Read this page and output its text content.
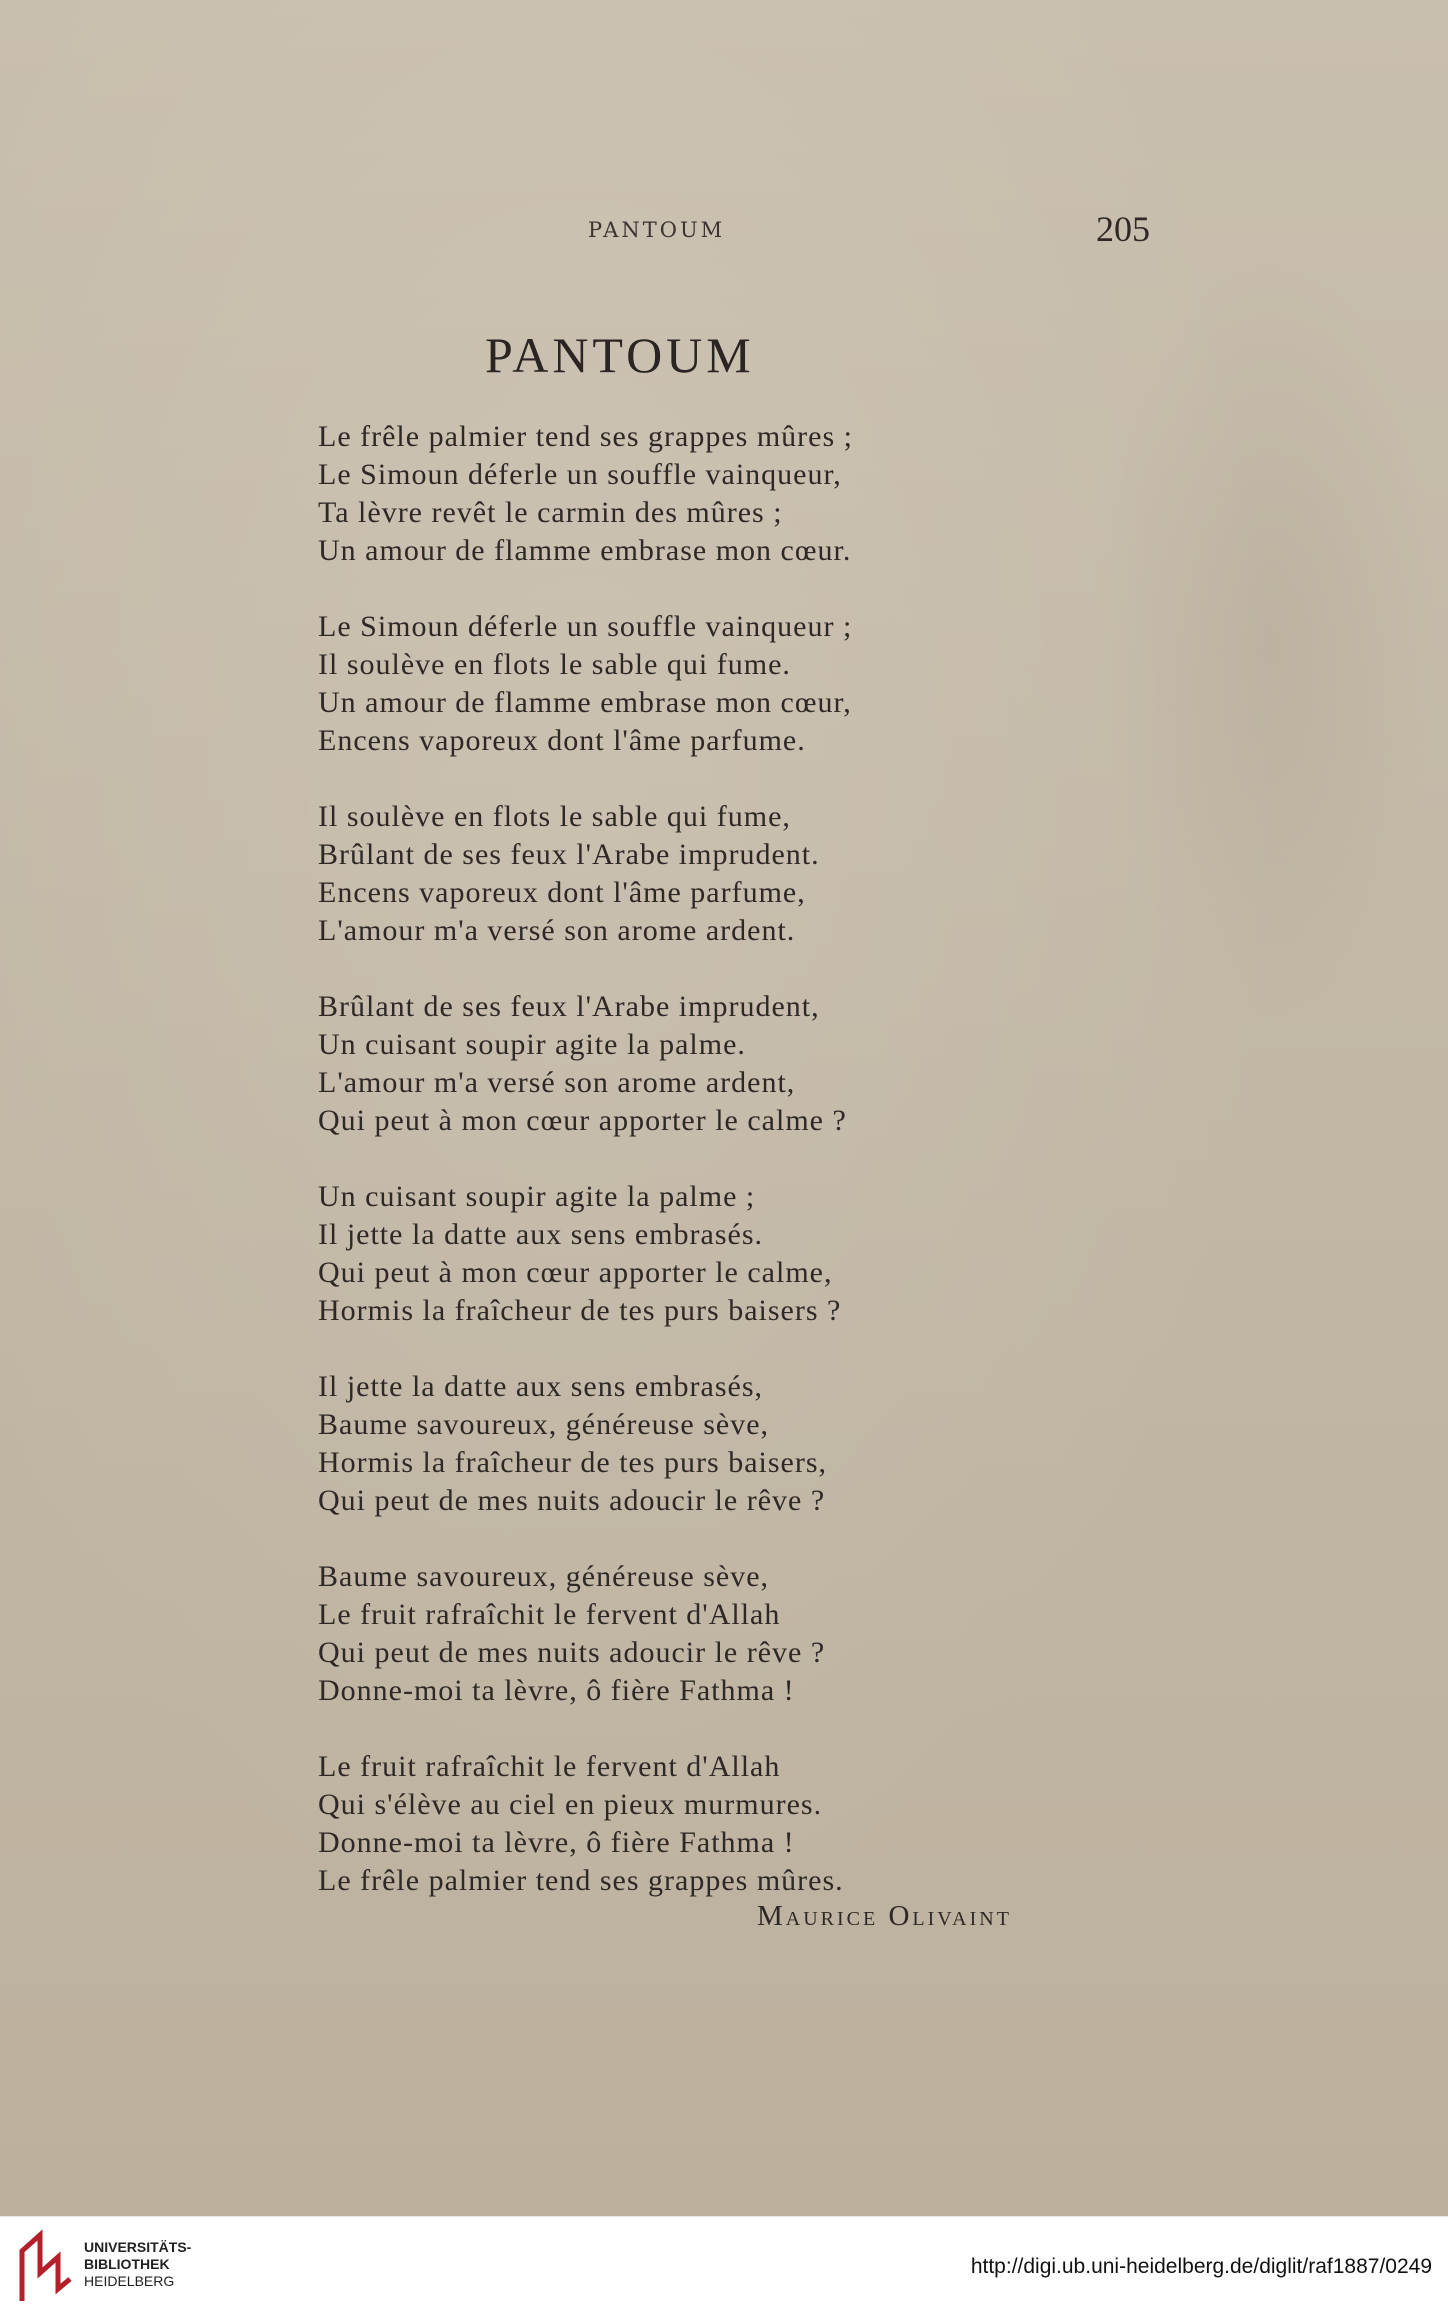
PANTOUM	205
PANTOUM
Le frêle palmier tend ses grappes mûres ;
Le Simoun déferle un souffle vainqueur,
Ta lèvre revêt le carmin des mûres ;
Un amour de flamme embrase mon cœur.
Le Simoun déferle un souffle vainqueur ;
Il soulève en flots le sable qui fume.
Un amour de flamme embrase mon cœur,
Encens vaporeux dont l'âme parfume.
Il soulève en flots le sable qui fume,
Brûlant de ses feux l'Arabe imprudent.
Encens vaporeux dont l'âme parfume,
L'amour m'a versé son arome ardent.
Brûlant de ses feux l'Arabe imprudent,
Un cuisant soupir agite la palme.
L'amour m'a versé son arome ardent,
Qui peut à mon cœur apporter le calme ?
Un cuisant soupir agite la palme ;
Il jette la datte aux sens embrasés.
Qui peut à mon cœur apporter le calme,
Hormis la fraîcheur de tes purs baisers ?
Il jette la datte aux sens embrasés,
Baume savoureux, généreuse sève,
Hormis la fraîcheur de tes purs baisers,
Qui peut de mes nuits adoucir le rêve ?
Baume savoureux, généreuse sève,
Le fruit rafraîchit le fervent d'Allah
Qui peut de mes nuits adoucir le rêve ?
Donne-moi ta lèvre, ô fière Fathma !
Le fruit rafraîchit le fervent d'Allah
Qui s'élève au ciel en pieux murmures.
Donne-moi ta lèvre, ô fière Fathma !
Le frêle palmier tend ses grappes mûres.
Maurice Olivaint
UNIVERSITÄTS-
BIBLIOTHEK
HEIDELBERG
http://digi.ub.uni-heidelberg.de/diglit/raf1887/0249
